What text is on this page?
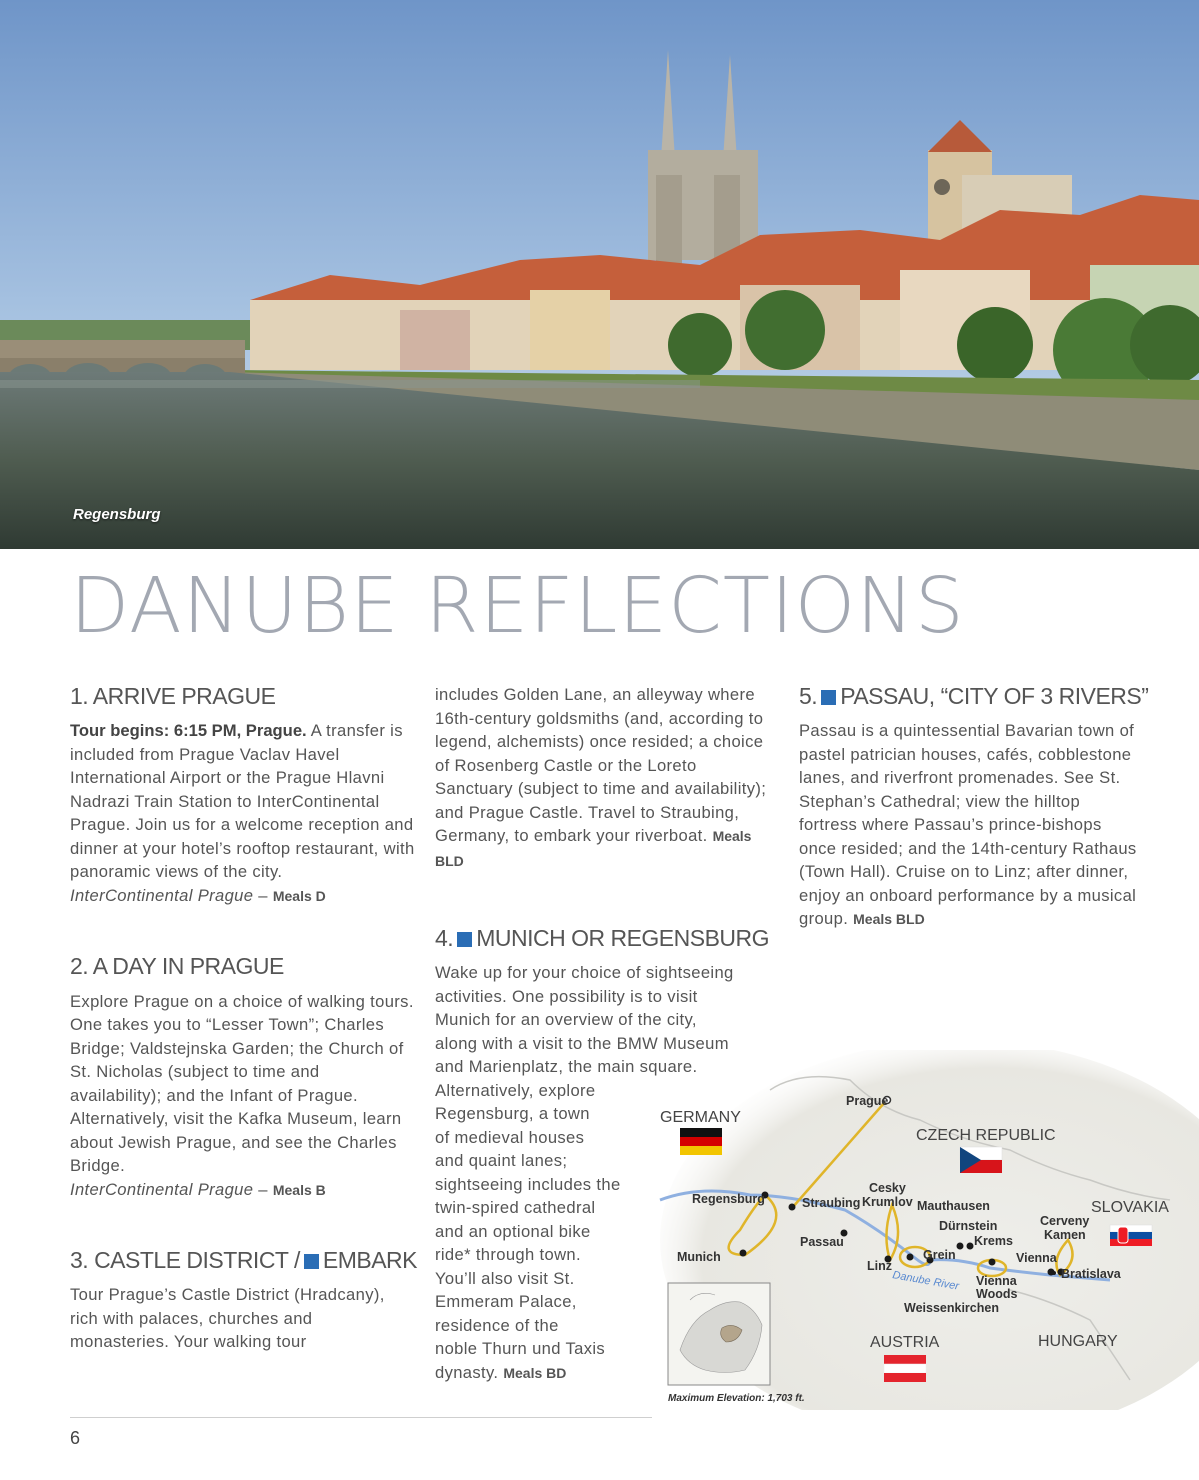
Regensburg
DANUBE REFLECTIONS
1. ARRIVE PRAGUE

Tour begins: 6:15 PM, Prague. A transfer is included from Prague Vaclav Havel International Airport or the Prague Hlavni Nadrazi Train Station to InterContinental Prague. Join us for a welcome reception and dinner at your hotel’s rooftop restaurant, with panoramic views of the city.
InterContinental Prague – Meals D

2. A DAY IN PRAGUE

Explore Prague on a choice of walking tours. One takes you to “Lesser Town”; Charles Bridge; Valdstejnska Garden; the Church of St. Nicholas (subject to time and availability); and the Infant of Prague. Alternatively, visit the Kafka Museum, learn about Jewish Prague, and see the Charles Bridge.
InterContinental Prague – Meals B

3. CASTLE DISTRICT / EMBARK

Tour Prague’s Castle District (Hradcany), rich with palaces, churches and monasteries. Your walking tour

includes Golden Lane, an alleyway where 16th-century goldsmiths (and, according to legend, alchemists) once resided; a choice of Rosenberg Castle or the Loreto Sanctuary (subject to time and availability); and Prague Castle. Travel to Straubing, Germany, to embark your riverboat. Meals BLD

4. MUNICH OR REGENSBURG

Wake up for your choice of sightseeing
activities. One possibility is to visit
Munich for an overview of the city,
along with a visit to the BMW Museum
and Marienplatz, the main square.
Alternatively, explore
Regensburg, a town
of medieval houses
and quaint lanes;
sightseeing includes the
twin-spired cathedral
and an optional bike
ride* through town.
You’ll also visit St.
Emmeram Palace,
residence of the
noble Thurn und Taxis
dynasty. Meals BD

5. PASSAU, “CITY OF 3 RIVERS”

Passau is a quintessential Bavarian town of pastel patrician houses, cafés, cobblestone lanes, and riverfront promenades. See St. Stephan’s Cathedral; view the hilltop fortress where Passau’s prince-bishops once resided; and the 14th-century Rathaus (Town Hall). Cruise on to Linz; after dinner, enjoy an onboard performance by a musical group. Meals BLD

Danube River
GERMANY
CZECH REPUBLIC
SLOVAKIA
AUSTRIA	HUNGARY
Prague
Regensburg
Munich
Straubing
Passau
Cesky
Krumlov Mauthausen
Dürnstein
Krems
Grein
Linz
Cerveny
Kamen
Vienna
Bratislava
Vienna
Woods
Weissenkirchen
Maximum Elevation: 1,703 ft.
6
